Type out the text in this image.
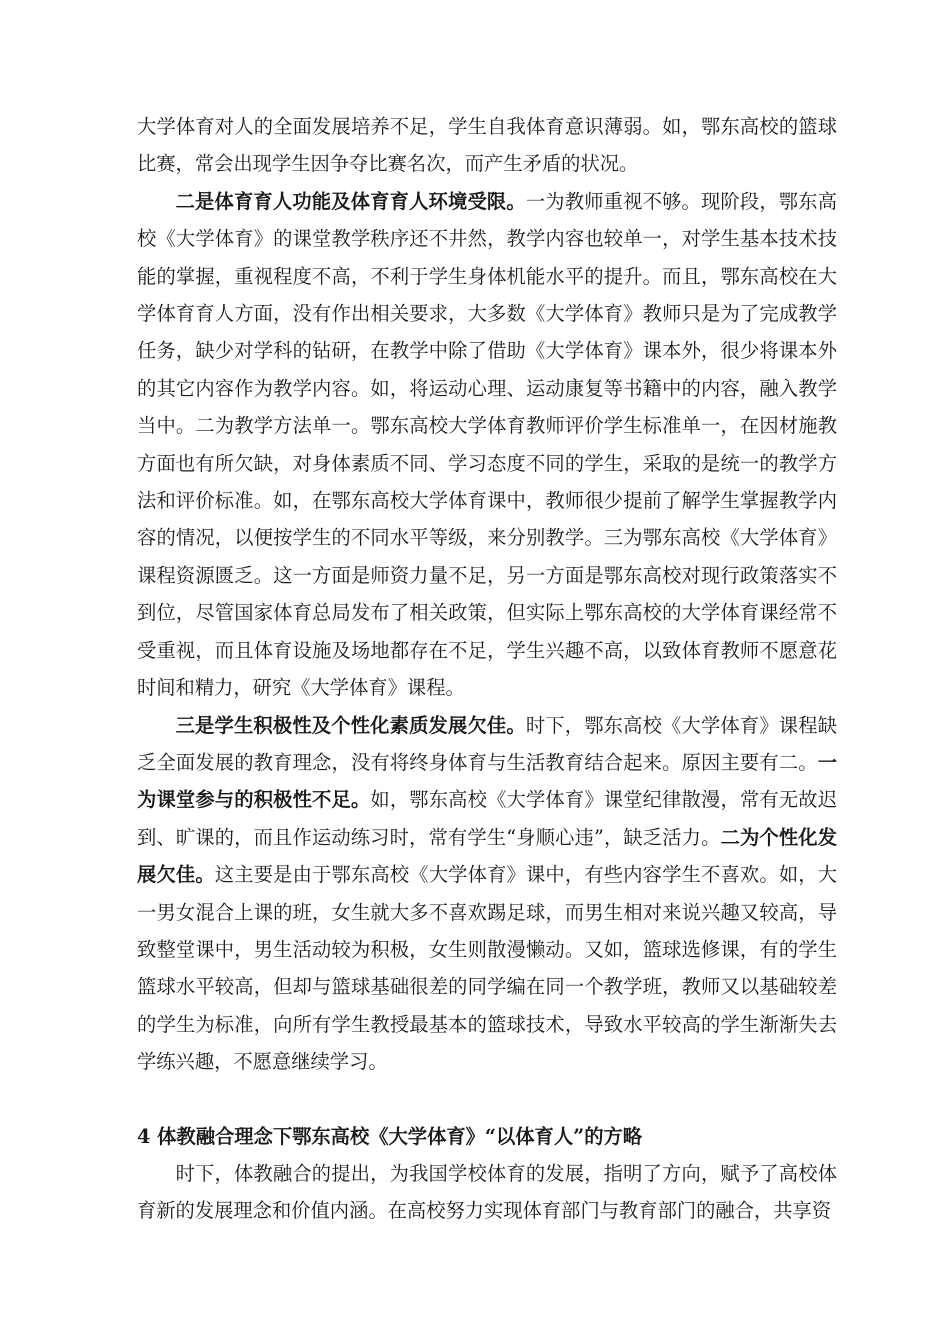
大学体育对人的全面发展培养不足，学生自我体育意识薄弱。如，鄂东高校的篮球比赛，常会出现学生因争夺比赛名次，而产生矛盾的状况。

二是体育育人功能及体育育人环境受限。一为教师重视不够。现阶段，鄂东高校《大学体育》的课堂教学秩序还不井然，教学内容也较单一，对学生基本技术技能的掌握，重视程度不高，不利于学生身体机能水平的提升。而且，鄂东高校在大学体育育人方面，没有作出相关要求，大多数《大学体育》教师只是为了完成教学任务，缺少对学科的钻研，在教学中除了借助《大学体育》课本外，很少将课本外的其它内容作为教学内容。如，将运动心理、运动康复等书籍中的内容，融入教学当中。二为教学方法单一。鄂东高校大学体育教师评价学生标准单一，在因材施教方面也有所欠缺，对身体素质不同、学习态度不同的学生，采取的是统一的教学方法和评价标准。如，在鄂东高校大学体育课中，教师很少提前了解学生掌握教学内容的情况，以便按学生的不同水平等级，来分别教学。三为鄂东高校《大学体育》课程资源匮乏。这一方面是师资力量不足，另一方面是鄂东高校对现行政策落实不到位，尽管国家体育总局发布了相关政策，但实际上鄂东高校的大学体育课经常不受重视，而且体育设施及场地都存在不足，学生兴趣不高，以致体育教师不愿意花时间和精力，研究《大学体育》课程。

三是学生积极性及个性化素质发展欠佳。时下，鄂东高校《大学体育》课程缺乏全面发展的教育理念，没有将终身体育与生活教育结合起来。原因主要有二。一为课堂参与的积极性不足。如，鄂东高校《大学体育》课堂纪律散漫，常有无故迟到、旷课的，而且作运动练习时，常有学生“身顺心违”，缺乏活力。二为个性化发展欠佳。这主要是由于鄂东高校《大学体育》课中，有些内容学生不喜欢。如，大一男女混合上课的班，女生就大多不喜欢踢足球，而男生相对来说兴趣又较高，导致整堂课中，男生活动较为积极，女生则散漫懒动。又如，篮球选修课，有的学生篮球水平较高，但却与篮球基础很差的同学编在同一个教学班，教师又以基础较差的学生为标准，向所有学生教授最基本的篮球技术，导致水平较高的学生渐渐失去学练兴趣，不愿意继续学习。

4 体教融合理念下鄂东高校《大学体育》“以体育人”的方略

时下，体教融合的提出，为我国学校体育的发展，指明了方向，赋予了高校体育新的发展理念和价值内涵。在高校努力实现体育部门与教育部门的融合，共享资
